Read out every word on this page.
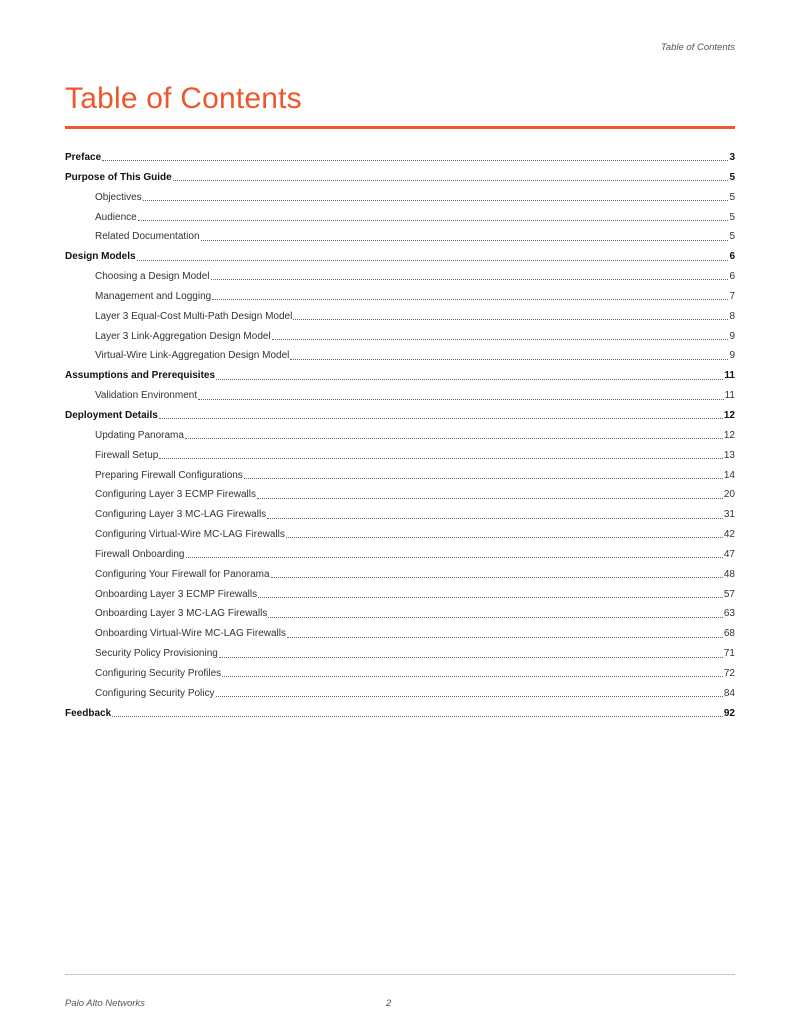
Table of Contents
Table of Contents
Preface	3
Purpose of This Guide	5
Objectives	5
Audience	5
Related Documentation	5
Design Models	6
Choosing a Design Model	6
Management and Logging	7
Layer 3 Equal-Cost Multi-Path Design Model	8
Layer 3 Link-Aggregation Design Model	9
Virtual-Wire Link-Aggregation Design Model	9
Assumptions and Prerequisites	11
Validation Environment	11
Deployment Details	12
Updating Panorama	12
Firewall Setup	13
Preparing Firewall Configurations	14
Configuring Layer 3 ECMP Firewalls	20
Configuring Layer 3 MC-LAG Firewalls	31
Configuring Virtual-Wire MC-LAG Firewalls	42
Firewall Onboarding	47
Configuring Your Firewall for Panorama	48
Onboarding Layer 3 ECMP Firewalls	57
Onboarding Layer 3 MC-LAG Firewalls	63
Onboarding Virtual-Wire MC-LAG Firewalls	68
Security Policy Provisioning	71
Configuring Security Profiles	72
Configuring Security Policy	84
Feedback	92
Palo Alto Networks	2
